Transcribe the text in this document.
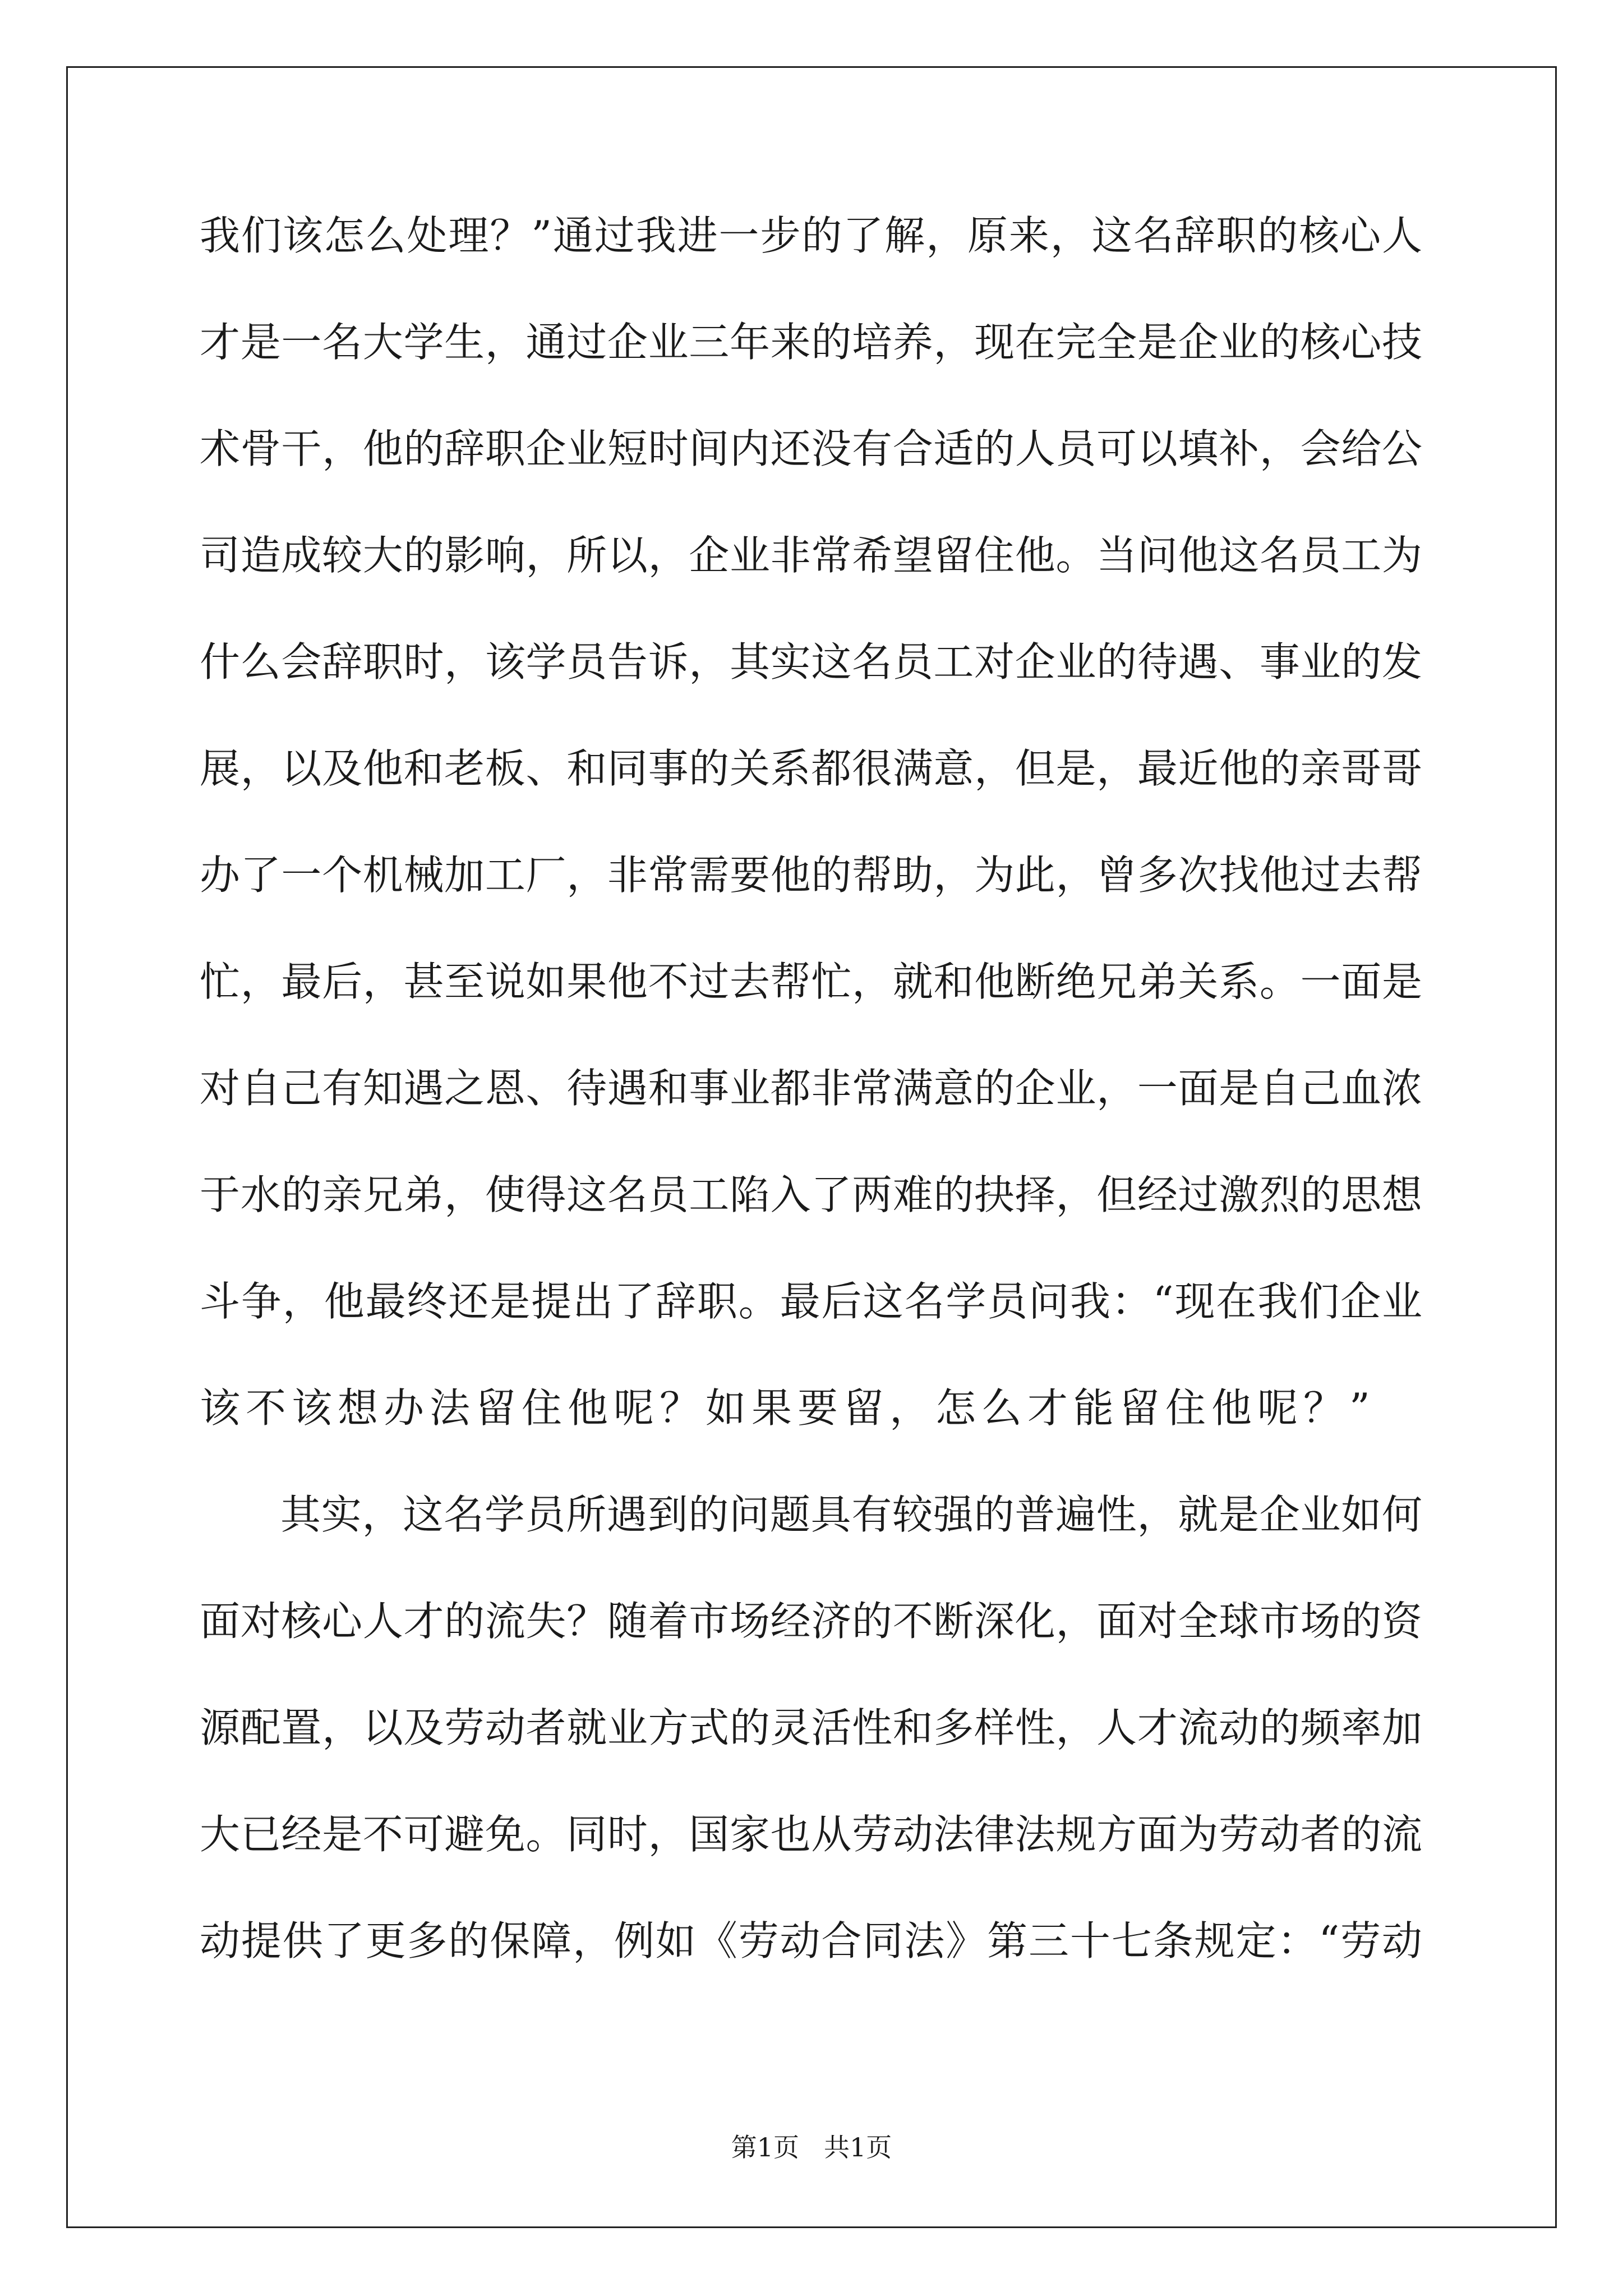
我们该怎么处理？”通过我进一步的了解，原来，这名辞职的核心人
才是一名大学生，通过企业三年来的培养，现在完全是企业的核心技
术骨干，他的辞职企业短时间内还没有合适的人员可以填补，会给公
司造成较大的影响，所以，企业非常希望留住他。当问他这名员工为
什么会辞职时，该学员告诉，其实这名员工对企业的待遇、事业的发
展，以及他和老板、和同事的关系都很满意，但是，最近他的亲哥哥
办了一个机械加工厂，非常需要他的帮助，为此，曾多次找他过去帮
忙，最后，甚至说如果他不过去帮忙，就和他断绝兄弟关系。一面是
对自己有知遇之恩、待遇和事业都非常满意的企业，一面是自己血浓
于水的亲兄弟，使得这名员工陷入了两难的抉择，但经过激烈的思想
斗争，他最终还是提出了辞职。最后这名学员问我：“现在我们企业
该不该想办法留住他呢？如果要留，怎么才能留住他呢？”
其实，这名学员所遇到的问题具有较强的普遍性，就是企业如何
面对核心人才的流失？随着市场经济的不断深化，面对全球市场的资
源配置，以及劳动者就业方式的灵活性和多样性，人才流动的频率加
大已经是不可避免。同时，国家也从劳动法律法规方面为劳动者的流
动提供了更多的保障，例如《劳动合同法》第三十七条规定：“劳动
第1页 共1页
